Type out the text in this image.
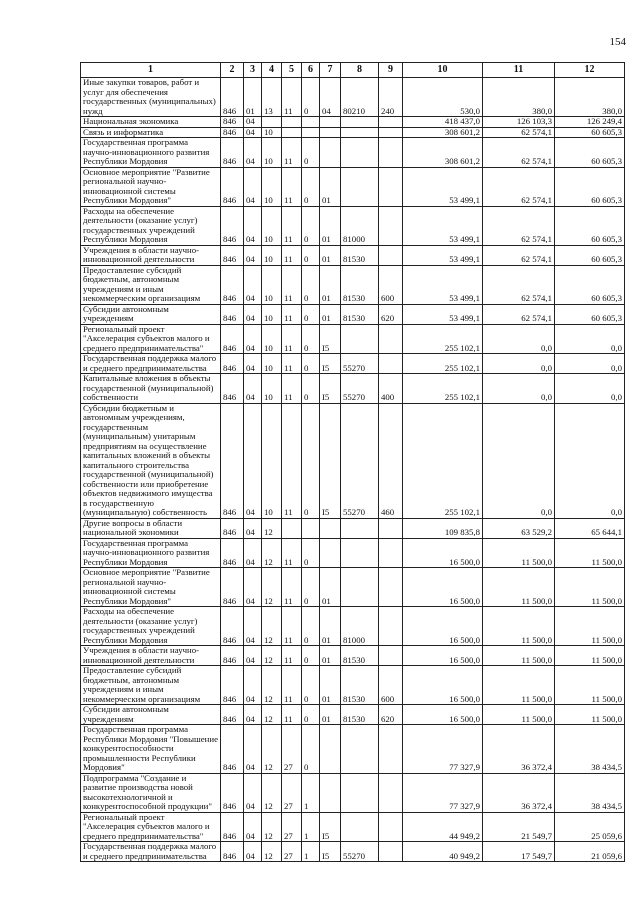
154
1	2	3	4	5	6	7	8	9	10	11	12
Иные закупки товаров, работ и услуг для обеспечения государственных (муниципальных) нужд	846	01	13	11	0	04	80210	240	530,0	380,0	380,0
Национальная экономика	846	04							418 437,0	126 103,3	126 249,4
Связь и информатика	846	04	10						308 601,2	62 574,1	60 605,3
Государственная программа научно-инновационного развития Республики Мордовия	846	04	10	11	0				308 601,2	62 574,1	60 605,3
Основное мероприятие "Развитие региональной научно-инновационной системы Республики Мордовия"	846	04	10	11	0	01			53 499,1	62 574,1	60 605,3
Расходы на обеспечение деятельности (оказание услуг) государственных учреждений Республики Мордовия	846	04	10	11	0	01	81000		53 499,1	62 574,1	60 605,3
Учреждения в области научно-инновационной деятельности	846	04	10	11	0	01	81530		53 499,1	62 574,1	60 605,3
Предоставление субсидий бюджетным, автономным учреждениям и иным некоммерческим организациям	846	04	10	11	0	01	81530	600	53 499,1	62 574,1	60 605,3
Субсидии автономным учреждениям	846	04	10	11	0	01	81530	620	53 499,1	62 574,1	60 605,3
Региональный проект "Акселерация субъектов малого и среднего предпринимательства"	846	04	10	11	0	I5			255 102,1	0,0	0,0
Государственная поддержка малого и среднего предпринимательства	846	04	10	11	0	I5	55270		255 102,1	0,0	0,0
Капитальные вложения в объекты государственной (муниципальной) собственности	846	04	10	11	0	I5	55270	400	255 102,1	0,0	0,0
Субсидии бюджетным и автономным учреждениям, государственным (муниципальным) унитарным предприятиям на осуществление капитальных вложений в объекты капитального строительства государственной (муниципальной) собственности или приобретение объектов недвижимого имущества в государственную (муниципальную) собственность	846	04	10	11	0	I5	55270	460	255 102,1	0,0	0,0
Другие вопросы в области национальной экономики	846	04	12						109 835,8	63 529,2	65 644,1
Государственная программа научно-инновационного развития Республики Мордовия	846	04	12	11	0				16 500,0	11 500,0	11 500,0
Основное мероприятие "Развитие региональной научно-инновационной системы Республики Мордовия"	846	04	12	11	0	01			16 500,0	11 500,0	11 500,0
Расходы на обеспечение деятельности (оказание услуг) государственных учреждений Республики Мордовия	846	04	12	11	0	01	81000		16 500,0	11 500,0	11 500,0
Учреждения в области научно-инновационной деятельности	846	04	12	11	0	01	81530		16 500,0	11 500,0	11 500,0
Предоставление субсидий бюджетным, автономным учреждениям и иным некоммерческим организациям	846	04	12	11	0	01	81530	600	16 500,0	11 500,0	11 500,0
Субсидии автономным учреждениям	846	04	12	11	0	01	81530	620	16 500,0	11 500,0	11 500,0
Государственная программа Республики Мордовия "Повышение конкурентоспособности промышленности Республики Мордовия"	846	04	12	27	0				77 327,9	36 372,4	38 434,5
Подпрограмма "Создание и развитие производства новой высокотехнологичной и конкурентоспособной продукции"	846	04	12	27	1				77 327,9	36 372,4	38 434,5
Региональный проект "Акселерация субъектов малого и среднего предпринимательства"	846	04	12	27	1	I5			44 949,2	21 549,7	25 059,6
Государственная поддержка малого и среднего предпринимательства	846	04	12	27	1	I5	55270		40 949,2	17 549,7	21 059,6
